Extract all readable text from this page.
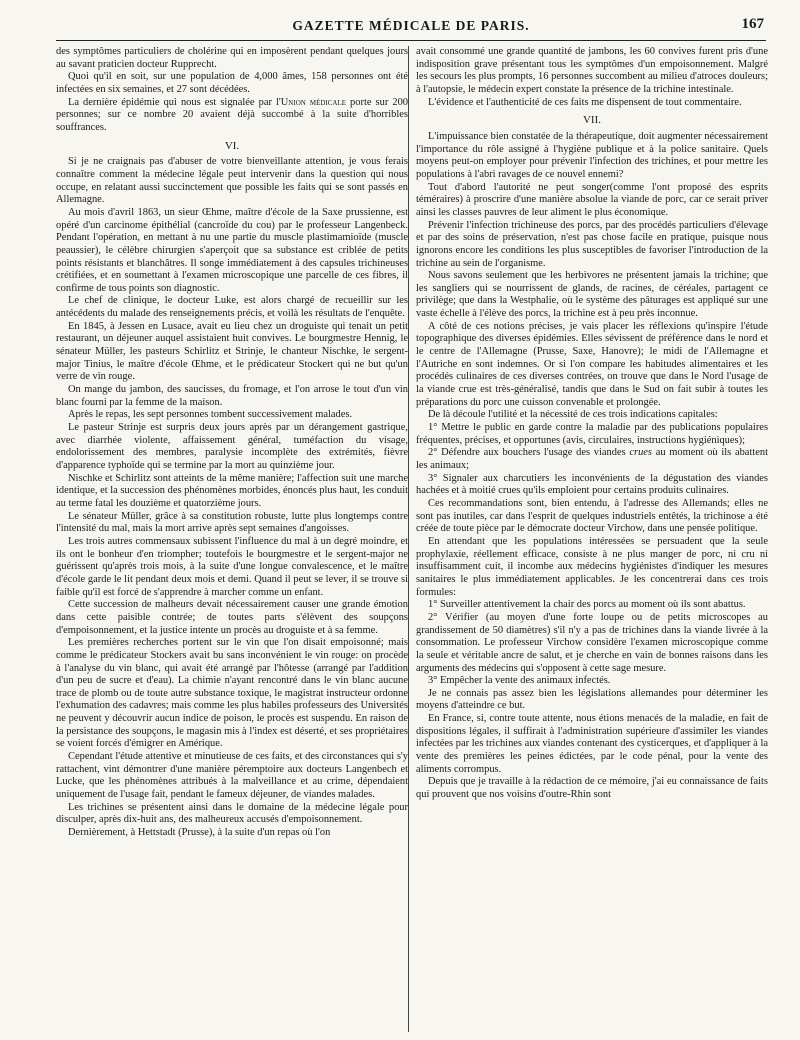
GAZETTE MÉDICALE DE PARIS.	167

des symptômes particuliers de cholérine qui en imposèrent pendant quelques jours au savant praticien docteur Rupprecht.

Quoi qu'il en soit, sur une population de 4,000 âmes, 158 personnes ont été infectées en six semaines, et 27 sont décédées.

La dernière épidémie qui nous est signalée par l'Union médicale porte sur 200 personnes; sur ce nombre 20 avaient déjà succombé à la suite d'horribles souffrances.

VI.

Si je ne craignais pas d'abuser de votre bienveillante attention, je vous ferais connaître comment la médecine légale peut intervenir dans la question qui nous occupe, en relatant aussi succinctement que possible les faits qui se sont passés en Allemagne.

Au mois d'avril 1863, un sieur Œhme, maître d'école de la Saxe prussienne, est opéré d'un carcinome épithélial (cancroïde du cou) par le professeur Langenbeck. Pendant l'opération, en mettant à nu une partie du muscle plastimamioïde (muscle peaussier), le célèbre chirurgien s'aperçoit que sa substance est criblée de petits points résistants et blanchâtres. Il songe immédiatement à des capsules trichineuses crétifiées, et en soumettant à l'examen microscopique une parcelle de ces fibres, il confirme de tous points son diagnostic.

Le chef de clinique, le docteur Luke, est alors chargé de recueillir sur les antécédents du malade des renseignements précis, et voilà les résultats de l'enquête.

En 1845, à Jessen en Lusace, avait eu lieu chez un droguiste qui tenait un petit restaurant, un déjeuner auquel assistaient huit convives. Le bourgmestre Hennig, le sénateur Müller, les pasteurs Schirlitz et Strinje, le chanteur Nischke, le sergent-major Tinius, le maître d'école Œhme, et le prédicateur Stockert qui ne but qu'un verre de vin rouge.

On mange du jambon, des saucisses, du fromage, et l'on arrose le tout d'un vin blanc fourni par la femme de la maison.

Après le repas, les sept personnes tombent successivement malades.

Le pasteur Strinje est surpris deux jours après par un dérangement gastrique, avec diarrhée violente, affaissement général, tuméfaction du visage, endolorissement des membres, paralysie incomplète des extrémités, fièvre d'apparence typhoïde qui se termine par la mort au quinzième jour.

Nischke et Schirlitz sont atteints de la même manière; l'affection suit une marche identique, et la succession des phénomènes morbides, énoncés plus haut, les conduit au terme fatal les douzième et quatorzième jours.

Le sénateur Müller, grâce à sa constitution robuste, lutte plus longtemps contre l'intensité du mal, mais la mort arrive après sept semaines d'angoisses.

Les trois autres commensaux subissent l'influence du mal à un degré moindre, et ils ont le bonheur d'en triompher; toutefois le bourgmestre et le sergent-major ne guérissent qu'après trois mois, à la suite d'une longue convalescence, et le maître d'école garde le lit pendant deux mois et demi. Quand il peut se lever, il se trouve si faible qu'il est forcé de s'apprendre à marcher comme un enfant.

Cette succession de malheurs devait nécessairement causer une grande émotion dans cette paisible contrée; de toutes parts s'élèvent des soupçons d'empoisonnement, et la justice intente un procès au droguiste et à sa femme.

Les premières recherches portent sur le vin que l'on disait empoisonné; mais comme le prédicateur Stockers avait bu sans inconvénient le vin rouge: on procède à l'analyse du vin blanc, qui avait été arrangé par l'hôtesse (arrangé par l'addition d'un peu de sucre et d'eau). La chimie n'ayant rencontré dans le vin blanc aucune trace de plomb ou de toute autre substance toxique, le magistrat instructeur ordonne l'exhumation des cadavres; mais comme les plus habiles professeurs des Universités ne peuvent y découvrir aucun indice de poison, le procès est suspendu. En raison de la persistance des soupçons, le magasin mis à l'index est déserté, et ses propriétaires se voient forcés d'émigrer en Amérique.

Cependant l'étude attentive et minutieuse de ces faits, et des circonstances qui s'y rattachent, vint démontrer d'une manière péremptoire aux docteurs Langenbech et Lucke, que les phénomènes attribués à la malveillance et au crime, dépendaient uniquement de l'usage fait, pendant le fameux déjeuner, de viandes malades.

Les trichines se présentent ainsi dans le domaine de la médecine légale pour disculper, après dix-huit ans, des malheureux accusés d'empoisonnement.

Dernièrement, à Hettstadt (Prusse), à la suite d'un repas où l'on

avait consommé une grande quantité de jambons, les 60 convives furent pris d'une indisposition grave présentant tous les symptômes d'un empoisonnement. Malgré les secours les plus prompts, 16 personnes succombent au milieu d'atroces douleurs; à l'autopsie, le médecin expert constate la présence de la trichine intestinale.

L'évidence et l'authenticité de ces faits me dispensent de tout commentaire.

VII.

L'impuissance bien constatée de la thérapeutique, doit augmenter nécessairement l'importance du rôle assigné à l'hygiène publique et à la police sanitaire. Quels moyens peut-on employer pour prévenir l'infection des trichines, et pour mettre les populations à l'abri ravages de ce nouvel ennemi?

Tout d'abord l'autorité ne peut songer(comme l'ont proposé des esprits téméraires) à proscrire d'une manière absolue la viande de porc, car ce serait priver ainsi les classes pauvres de leur aliment le plus économique.

Prévenir l'infection trichineuse des porcs, par des procédés particuliers d'élevage et par des soins de préservation, n'est pas chose facile en pratique, puisque nous ignorons encore les conditions les plus susceptibles de favoriser l'introduction de la trichine au sein de l'organisme.

Nous savons seulement que les herbivores ne présentent jamais la trichine; que les sangliers qui se nourrissent de glands, de racines, de céréales, partagent ce privilège; que dans la Westphalie, où le système des pâturages est appliqué sur une vaste échelle à l'élève des porcs, la trichine est à peu près inconnue.

A côté de ces notions précises, je vais placer les réflexions qu'inspire l'étude topographique des diverses épidémies. Elles sévissent de préférence dans le nord et le centre de l'Allemagne (Prusse, Saxe, Hanovre); le midi de l'Allemagne et l'Autriche en sont indemnes. Or si l'on compare les habitudes alimentaires et les procédés culinaires de ces diverses contrées, on trouve que dans le Nord l'usage de la viande crue est très-généralisé, tandis que dans le Sud on fait subir à toutes les préparations du porc une cuisson convenable et prolongée.

De là découle l'utilité et la nécessité de ces trois indications capitales:

1° Mettre le public en garde contre la maladie par des publications populaires fréquentes, précises, et opportunes (avis, circulaires, instructions hygiéniques);

2° Défendre aux bouchers l'usage des viandes crues au moment où ils abattent les animaux;

3° Signaler aux charcutiers les inconvénients de la dégustation des viandes hachées et à moitié crues qu'ils emploient pour certains produits culinaires.

Ces recommandations sont, bien entendu, à l'adresse des Allemands; elles ne sont pas inutiles, car dans l'esprit de quelques industriels entêtés, la trichinose a été créée de toute pièce par le démocrate docteur Virchow, dans une pensée politique.

En attendant que les populations intéressées se persuadent que la seule prophylaxie, réellement efficace, consiste à ne plus manger de porc, ni cru ni insuffisamment cuit, il incombe aux médecins hygiénistes d'indiquer les mesures sanitaires le plus immédiatement applicables. Je les concentrerai dans ces trois formules:

1° Surveiller attentivement la chair des porcs au moment où ils sont abattus.

2° Vérifier (au moyen d'une forte loupe ou de petits microscopes au grandissement de 50 diamètres) s'il n'y a pas de trichines dans la viande livrée à la consommation. Le professeur Virchow considère l'examen microscopique comme la seule et véritable ancre de salut, et je cherche en vain de bonnes raisons dans les arguments des médecins qui s'opposent à cette sage mesure.

3° Empêcher la vente des animaux infectés.

Je ne connais pas assez bien les législations allemandes pour déterminer les moyens d'atteindre ce but.

En France, si, contre toute attente, nous étions menacés de la maladie, en fait de dispositions légales, il suffirait à l'administration supérieure d'assimiler les viandes infectées par les trichines aux viandes contenant des cysticerques, et d'appliquer à la vente des premières les peines édictées, par le code pénal, pour la vente des aliments corrompus.

Depuis que je travaille à la rédaction de ce mémoire, j'ai eu connaissance de faits qui prouvent que nos voisins d'outre-Rhin sont
